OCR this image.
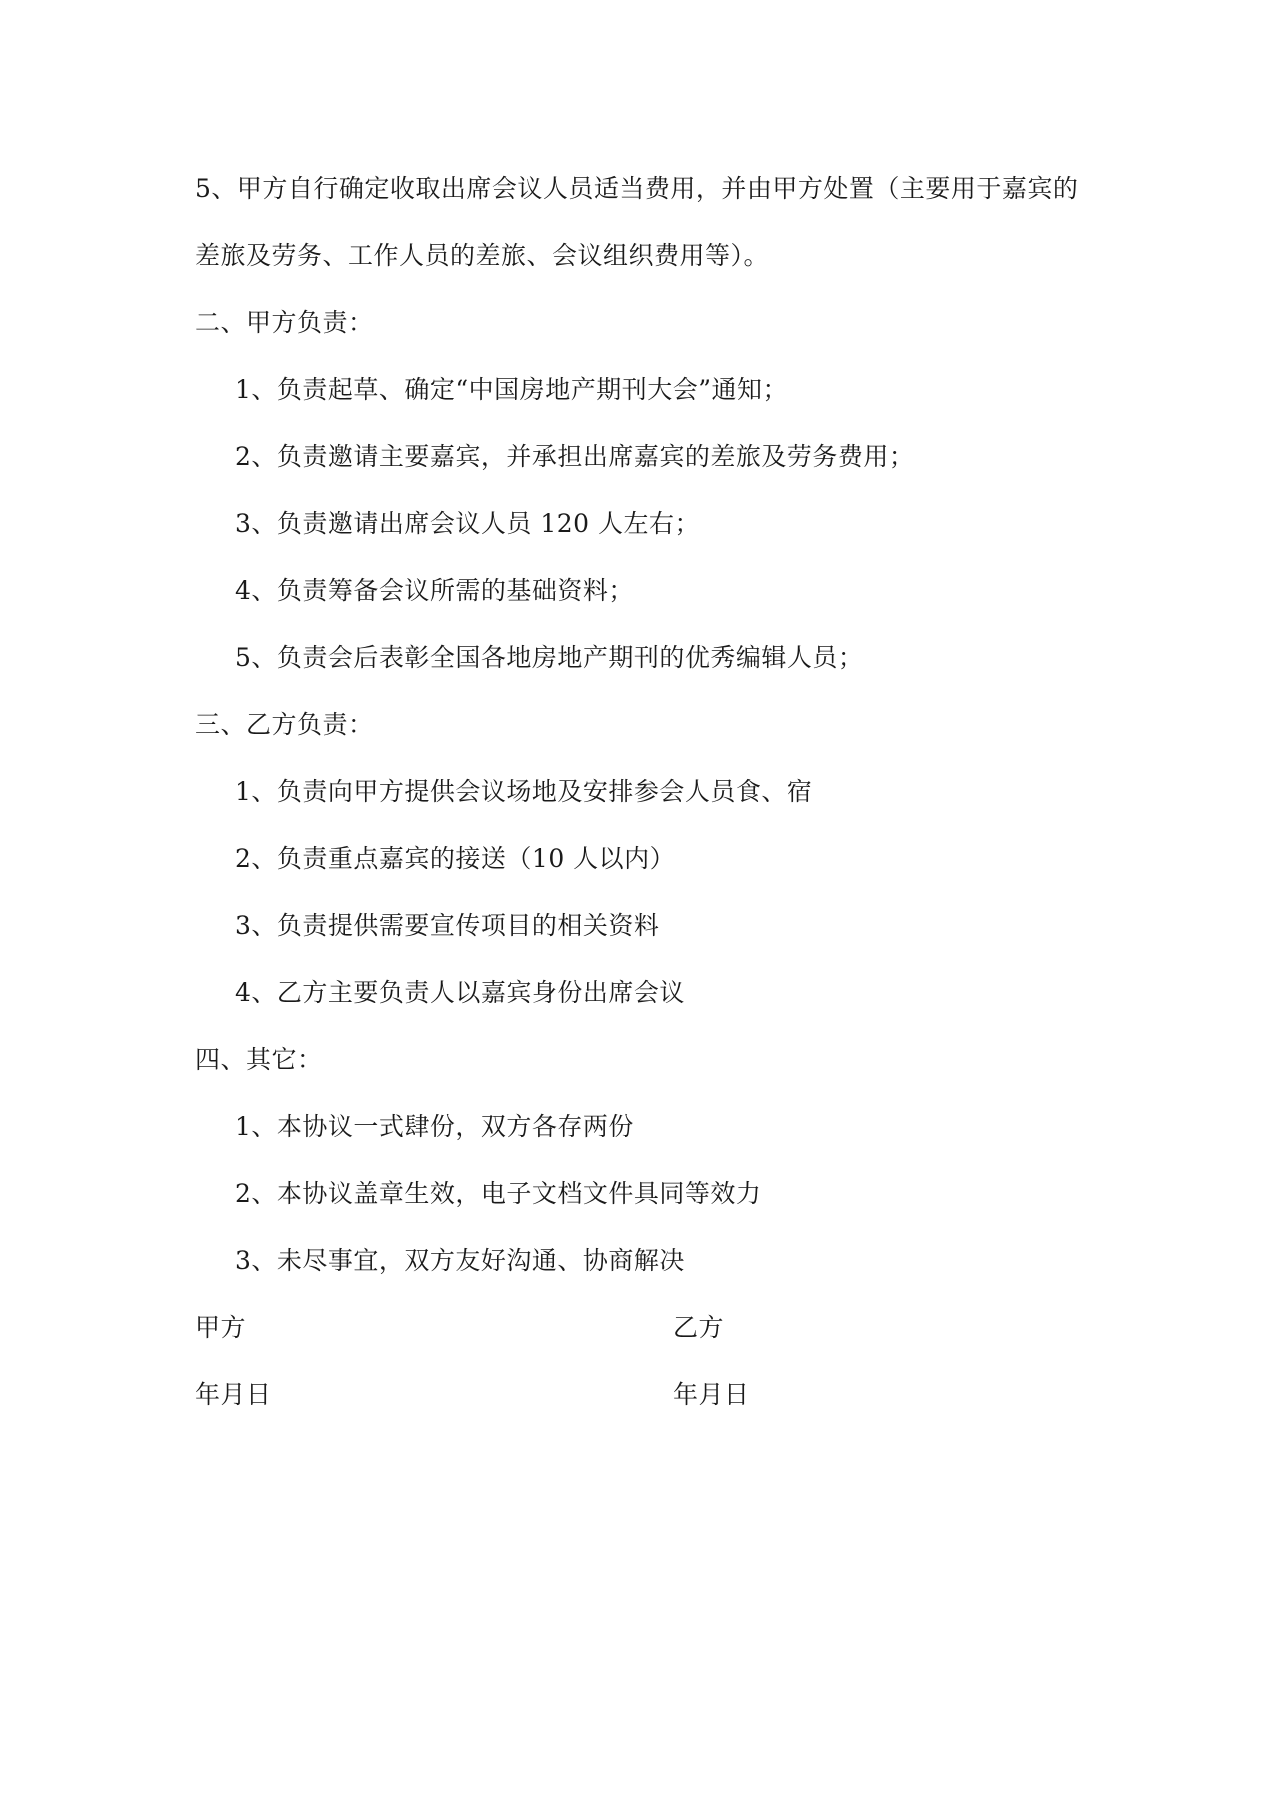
5、甲方自行确定收取出席会议人员适当费用，并由甲方处置（主要用于嘉宾的
差旅及劳务、工作人员的差旅、会议组织费用等）。
二、甲方负责：
1、负责起草、确定“中国房地产期刊大会”通知；
2、负责邀请主要嘉宾，并承担出席嘉宾的差旅及劳务费用；
3、负责邀请出席会议人员 120 人左右；
4、负责筹备会议所需的基础资料；
5、负责会后表彰全国各地房地产期刊的优秀编辑人员；
三、乙方负责：
1、负责向甲方提供会议场地及安排参会人员食、宿
2、负责重点嘉宾的接送（10 人以内）
3、负责提供需要宣传项目的相关资料
4、乙方主要负责人以嘉宾身份出席会议
四、其它：
1、本协议一式肆份，双方各存两份
2、本协议盖章生效，电子文档文件具同等效力
3、未尽事宜，双方友好沟通、协商解决
甲方	乙方
年月日	年月日
